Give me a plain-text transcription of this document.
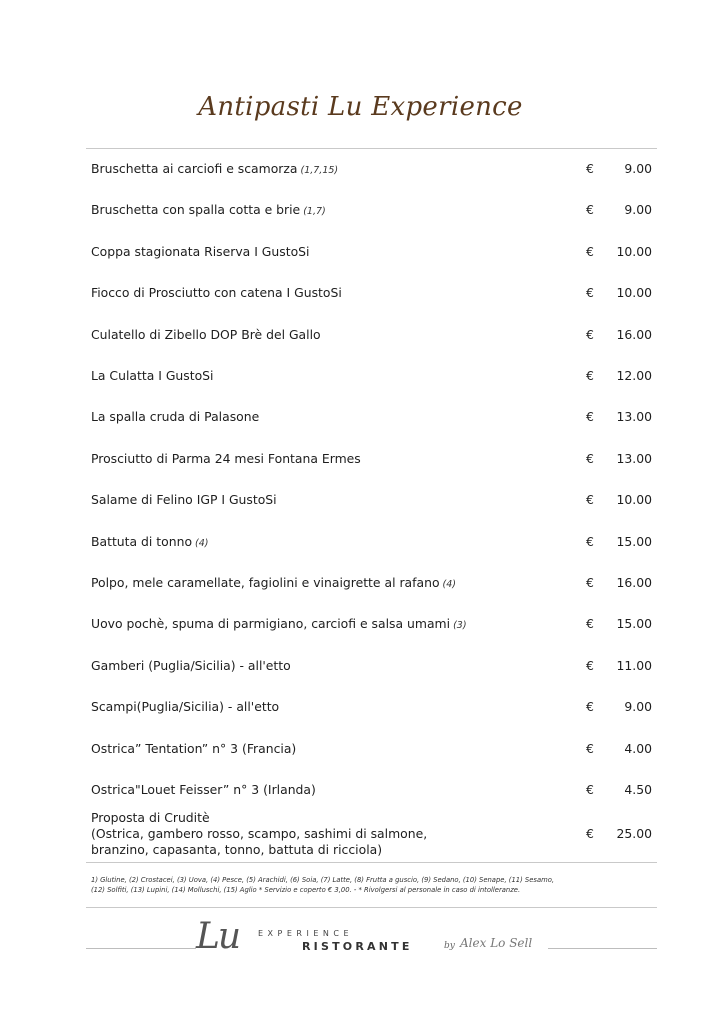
Antipasti Lu Experience
Bruschetta ai carciofi e scamorza (1,7,15)	€	9.00
Bruschetta con spalla cotta e brie (1,7)	€	9.00
Coppa stagionata Riserva I GustoSi	€	10.00
Fiocco di Prosciutto con catena I GustoSi	€	10.00
Culatello di Zibello DOP Brè del Gallo	€	16.00
La Culatta I GustoSi	€	12.00
La spalla cruda di Palasone	€	13.00
Prosciutto di Parma 24 mesi Fontana Ermes	€	13.00
Salame di Felino IGP I GustoSi	€	10.00
Battuta di tonno (4)	€	15.00
Polpo, mele caramellate, fagiolini e vinaigrette al rafano (4)	€	16.00
Uovo pochè, spuma di parmigiano, carciofi e salsa umami (3)	€	15.00
Gamberi (Puglia/Sicilia) - all'etto	€	11.00
Scampi(Puglia/Sicilia) - all'etto	€	9.00
Ostrica” Tentation” n° 3 (Francia)	€	4.00
Ostrica"Louet Feisser” n° 3 (Irlanda)	€	4.50
Proposta di Cruditè
(Ostrica, gambero rosso, scampo, sashimi di salmone,
branzino, capasanta, tonno, battuta di ricciola)
€	25.00
1) Glutine, (2) Crostacei, (3) Uova, (4) Pesce, (5) Arachidi, (6) Soia, (7) Latte, (8) Frutta a guscio, (9) Sedano, (10) Senape, (11) Sesamo,
(12) Solfiti, (13) Lupini, (14) Molluschi, (15) Aglio * Servizio e coperto € 3,00. - * Rivolgersi al personale in caso di intolleranze.
Lu EXPERIENCE
RISTORANTE	by Alex Lo Sell
